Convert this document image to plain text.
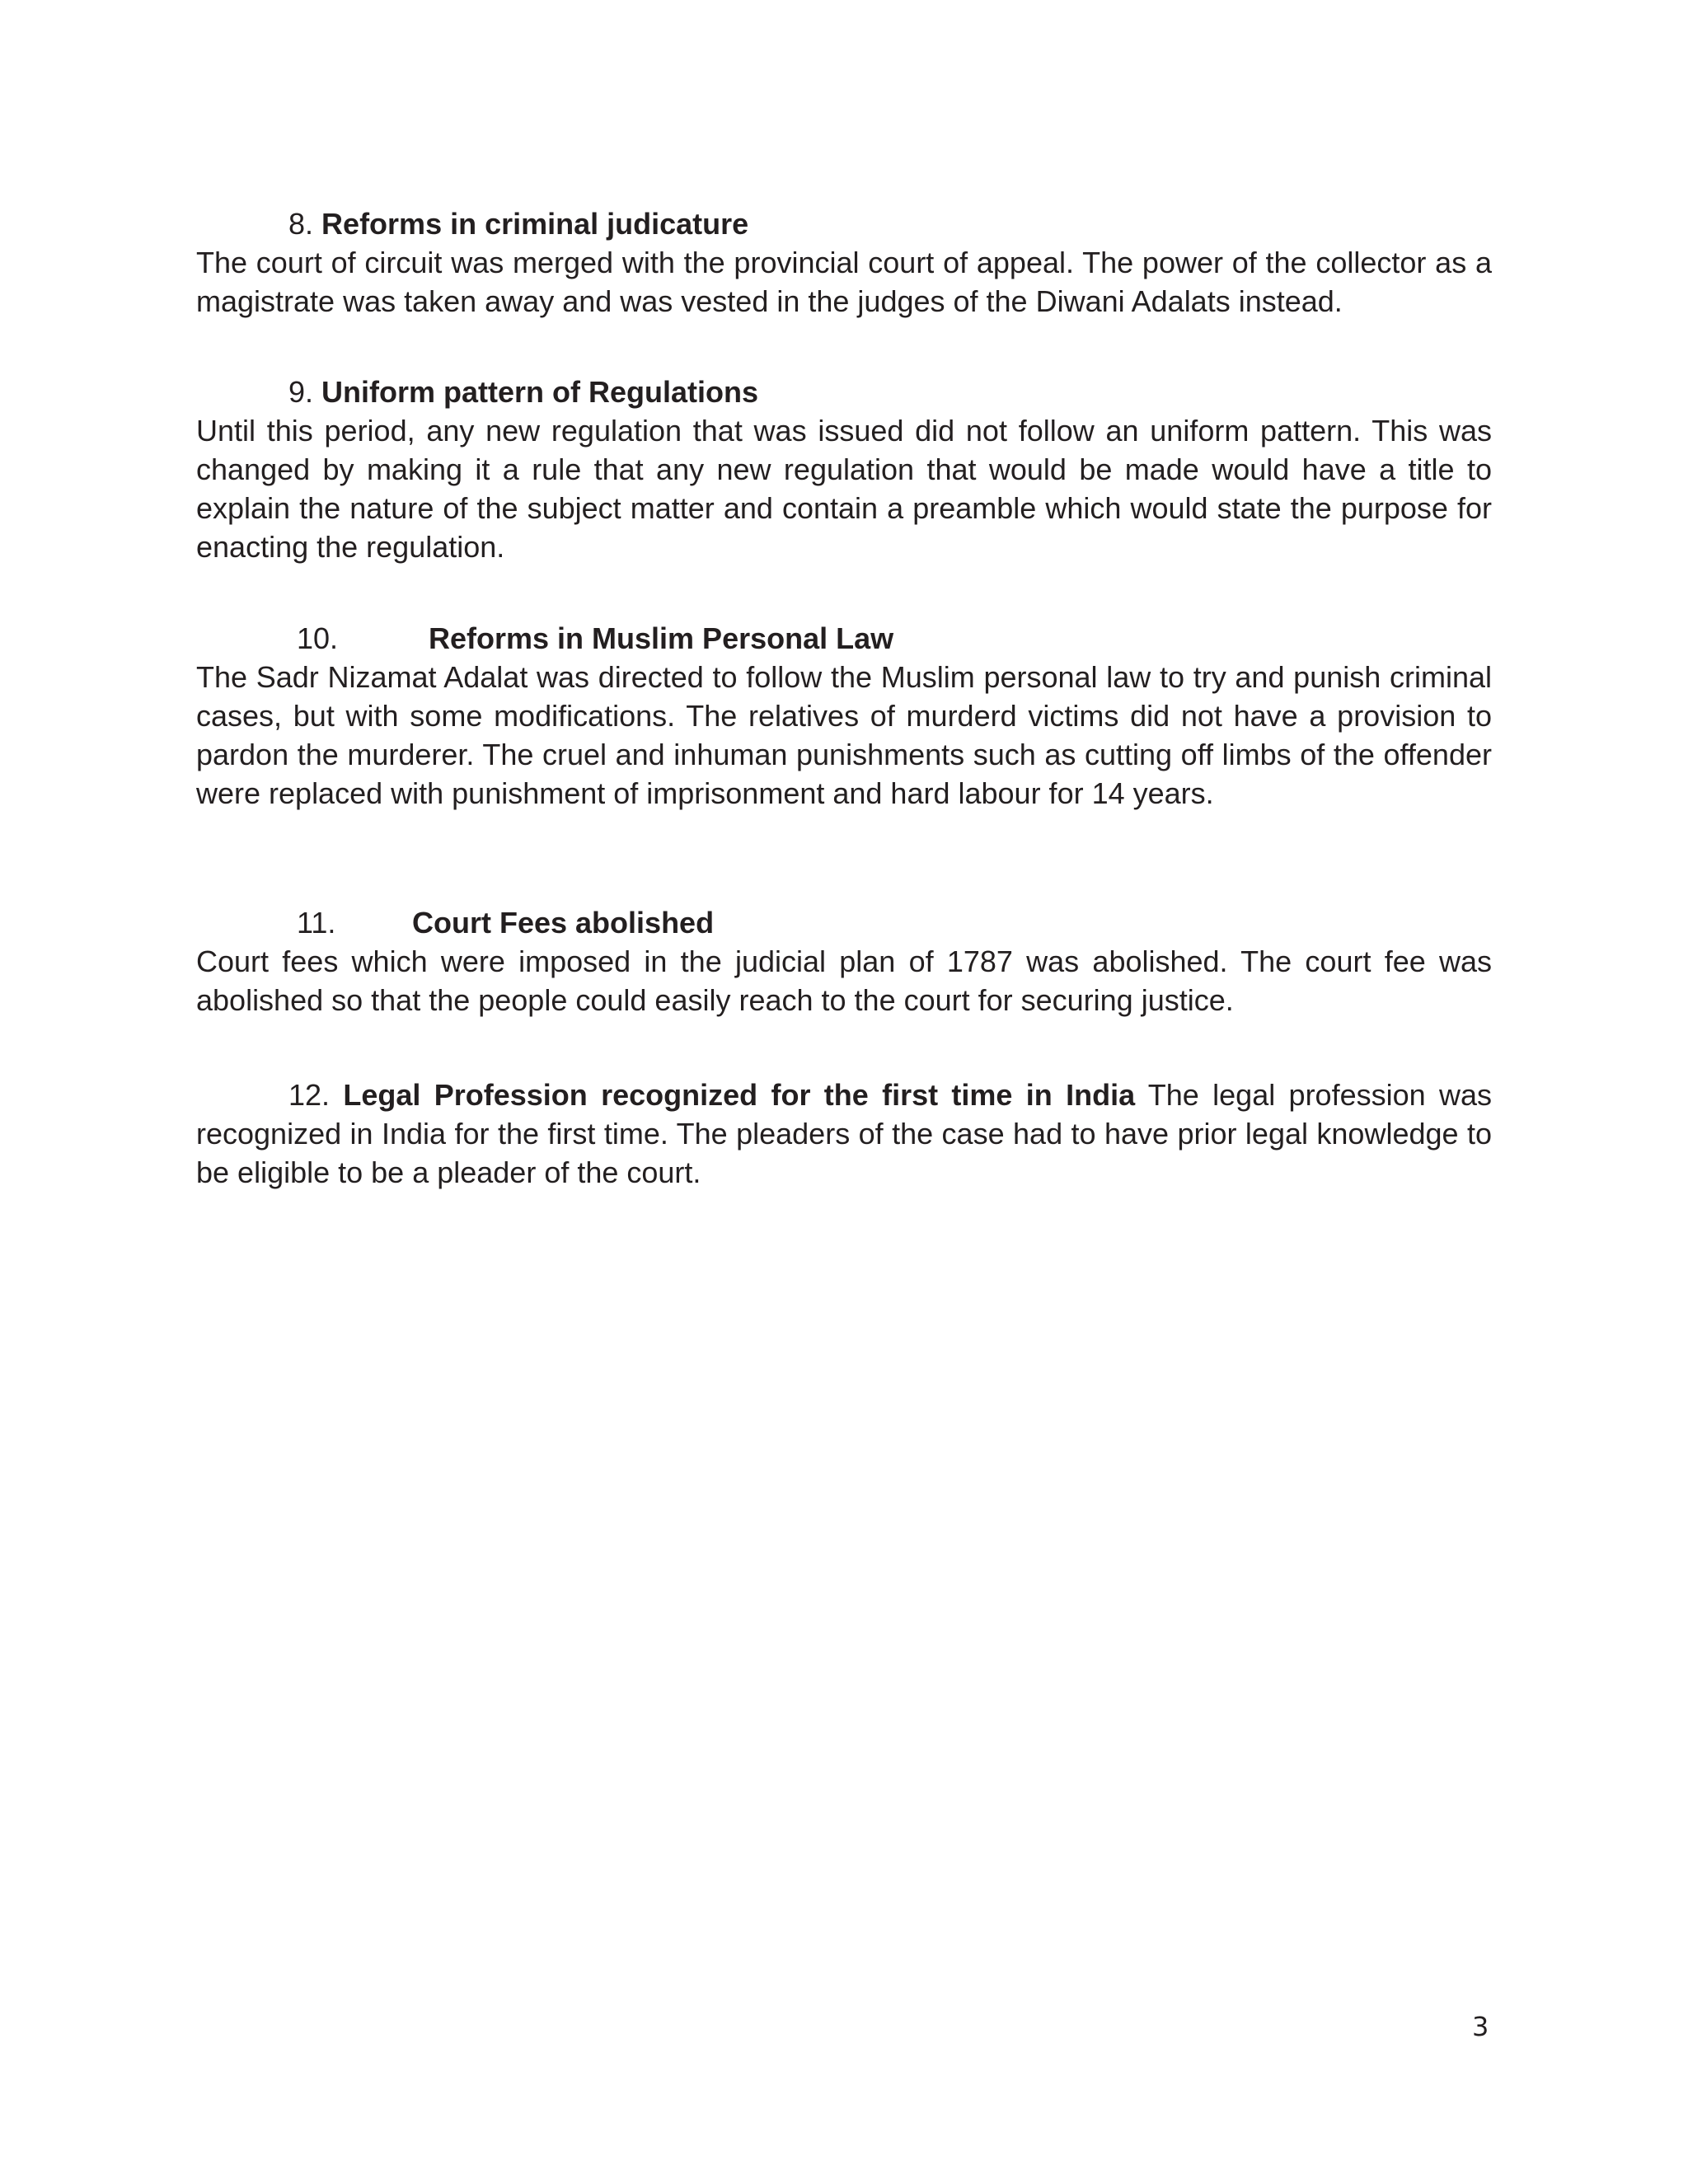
8. Reforms in criminal judicature

The court of circuit was merged with the provincial court of appeal. The power of the collector as a magistrate was taken away and was vested in the judges of the Diwani Adalats instead.

9. Uniform pattern of Regulations

Until this period, any new regulation that was issued did not follow an uniform pattern. This was changed by making it a rule that any new regulation that would be made would have a title to explain the nature of the subject matter and contain a preamble which would state the purpose for enacting the regulation.

10.	Reforms in Muslim Personal Law

The Sadr Nizamat Adalat was directed to follow the Muslim personal law to try and punish criminal cases, but with some modifications. The relatives of murderd victims did not have a provision to pardon the murderer. The cruel and inhuman punishments such as cutting off limbs of the offender were replaced with punishment of imprisonment and hard labour for 14 years.

11.	Court Fees abolished

Court fees which were imposed in the judicial plan of 1787 was abolished. The court fee was abolished so that the people could easily reach to the court for securing justice.

12. Legal Profession recognized for the first time in India The legal profession was recognized in India for the first time. The pleaders of the case had to have prior legal knowledge to be eligible to be a pleader of the court.

3
